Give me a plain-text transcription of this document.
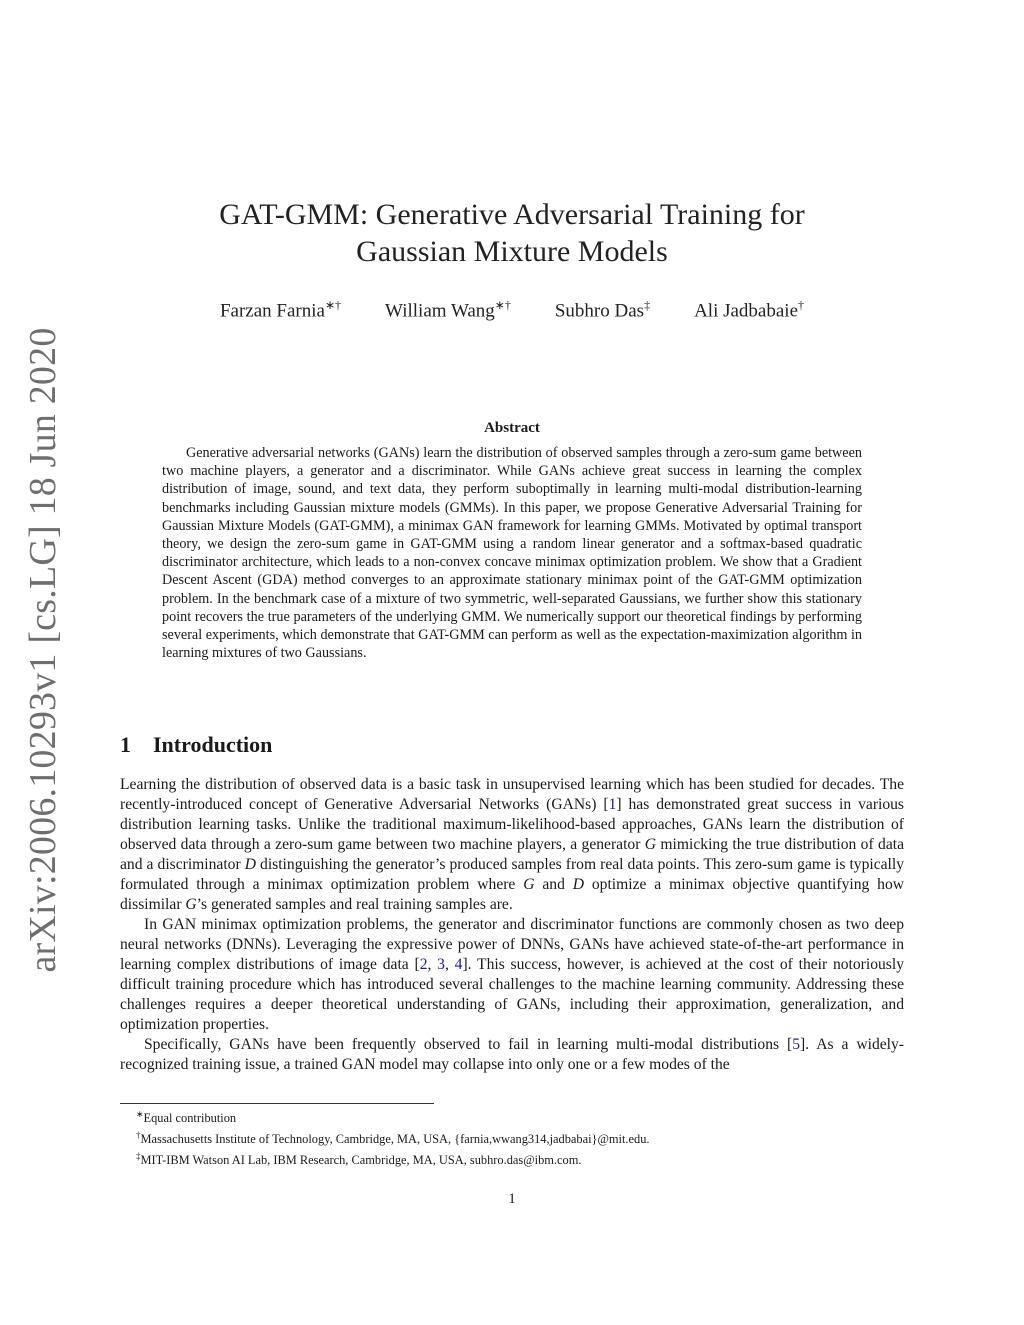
arXiv:2006.10293v1 [cs.LG] 18 Jun 2020
GAT-GMM: Generative Adversarial Training for
Gaussian Mixture Models
Farzan Farnia∗† William Wang∗† Subhro Das‡ Ali Jadbabaie†
Abstract
Generative adversarial networks (GANs) learn the distribution of observed samples through a zero-sum game between two machine players, a generator and a discriminator. While GANs achieve great success in learning the complex distribution of image, sound, and text data, they perform suboptimally in learning multi-modal distribution-learning benchmarks including Gaussian mixture models (GMMs). In this paper, we propose Generative Adversarial Training for Gaussian Mixture Models (GAT-GMM), a minimax GAN framework for learning GMMs. Motivated by optimal transport theory, we design the zero-sum game in GAT-GMM using a random linear generator and a softmax-based quadratic discriminator architecture, which leads to a non-convex concave minimax optimization problem. We show that a Gradient Descent Ascent (GDA) method converges to an approximate stationary minimax point of the GAT-GMM optimization problem. In the benchmark case of a mixture of two symmetric, well-separated Gaussians, we further show this stationary point recovers the true parameters of the underlying GMM. We numerically support our theoretical findings by performing several experiments, which demonstrate that GAT-GMM can perform as well as the expectation-maximization algorithm in learning mixtures of two Gaussians.
1 Introduction

Learning the distribution of observed data is a basic task in unsupervised learning which has been studied for decades. The recently-introduced concept of Generative Adversarial Networks (GANs) [1] has demonstrated great success in various distribution learning tasks. Unlike the traditional maximum-likelihood-based approaches, GANs learn the distribution of observed data through a zero-sum game between two machine players, a generator G mimicking the true distribution of data and a discriminator D distinguishing the generator’s produced samples from real data points. This zero-sum game is typically formulated through a minimax optimization problem where G and D optimize a minimax objective quantifying how dissimilar G’s generated samples and real training samples are.

In GAN minimax optimization problems, the generator and discriminator functions are commonly chosen as two deep neural networks (DNNs). Leveraging the expressive power of DNNs, GANs have achieved state-of-the-art performance in learning complex distributions of image data [2, 3, 4]. This success, however, is achieved at the cost of their notoriously difficult training procedure which has introduced several challenges to the machine learning community. Addressing these challenges requires a deeper theoretical understanding of GANs, including their approximation, generalization, and optimization properties.

Specifically, GANs have been frequently observed to fail in learning multi-modal distributions [5]. As a widely-recognized training issue, a trained GAN model may collapse into only one or a few modes of the

∗Equal contribution
†Massachusetts Institute of Technology, Cambridge, MA, USA, {farnia,wwang314,jadbabai}@mit.edu.
‡MIT-IBM Watson AI Lab, IBM Research, Cambridge, MA, USA, subhro.das@ibm.com.
1
